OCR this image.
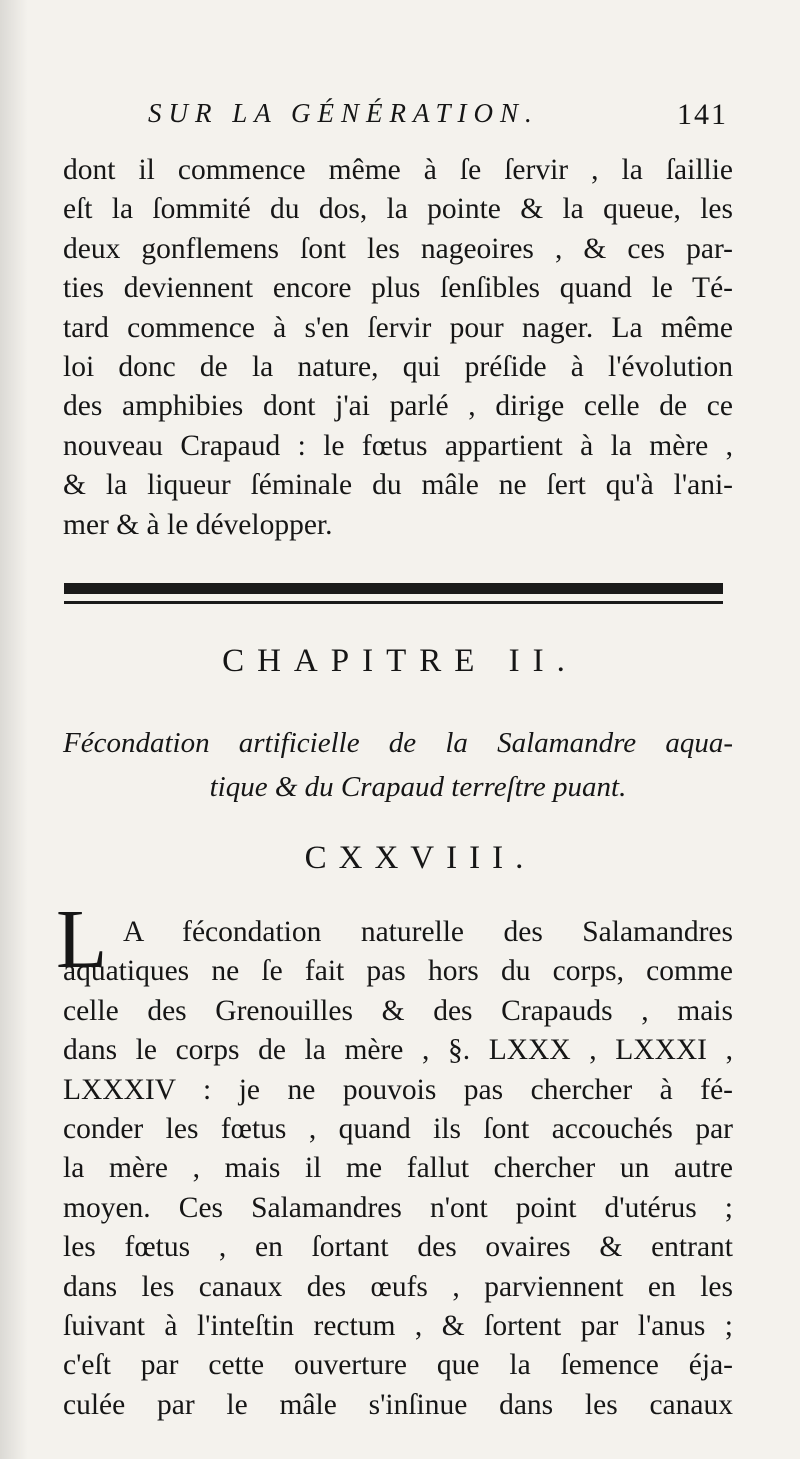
SUR LA GÉNÉRATION.	141
dont il commence même à ſe ſervir , la ſaillie
eſt la ſommité du dos, la pointe & la queue, les
deux gonflemens ſont les nageoires , & ces par-
ties deviennent encore plus ſenſibles quand le Té-
tard commence à s'en ſervir pour nager. La même
loi donc de la nature, qui préſide à l'évolution
des amphibies dont j'ai parlé , dirige celle de ce
nouveau Crapaud : le fœtus appartient à la mère ,
& la liqueur ſéminale du mâle ne ſert qu'à l'ani-
mer & à le développer.
CHAPITRE II.
Fécondation artificielle de la Salamandre aqua-
tique & du Crapaud terreſtre puant.
CXXVIII.
L A fécondation naturelle des Salamandres
aquatiques ne ſe fait pas hors du corps, comme
celle des Grenouilles & des Crapauds , mais
dans le corps de la mère , §. LXXX , LXXXI ,
LXXXIV : je ne pouvois pas chercher à fé-
conder les fœtus , quand ils ſont accouchés par
la mère , mais il me fallut chercher un autre
moyen. Ces Salamandres n'ont point d'utérus ;
les fœtus , en ſortant des ovaires & entrant
dans les canaux des œufs , parviennent en les
ſuivant à l'inteſtin rectum , & ſortent par l'anus ;
c'eſt par cette ouverture que la ſemence éja-
culée par le mâle s'inſinue dans les canaux
